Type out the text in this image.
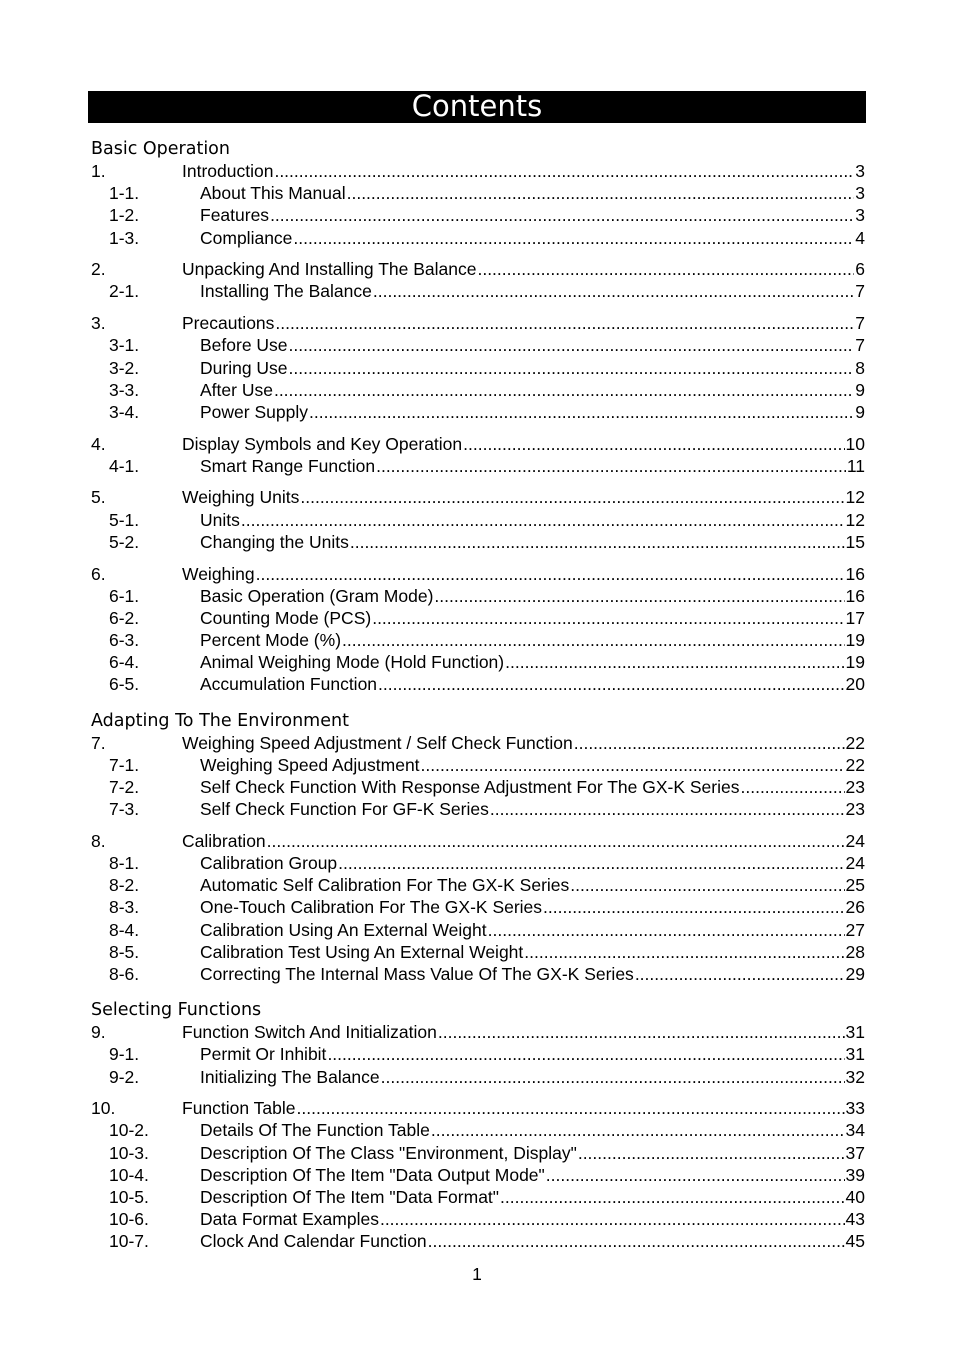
Contents
Basic Operation
1.	Introduction .....	3
1-1.	About This Manual .....	3
1-2.	Features .....	3
1-3.	Compliance .....	4
2.	Unpacking And Installing The Balance .....	6
2-1.	Installing The Balance .....	7
3.	Precautions .....	7
3-1.	Before Use .....	7
3-2.	During Use .....	8
3-3.	After Use .....	9
3-4.	Power Supply .....	9
4.	Display Symbols and Key Operation .....	10
4-1.	Smart Range Function .....	11
5.	Weighing Units .....	12
5-1.	Units .....	12
5-2.	Changing the Units .....	15
6.	Weighing .....	16
6-1.	Basic Operation (Gram Mode) .....	16
6-2.	Counting Mode (PCS) .....	17
6-3.	Percent Mode (%) .....	19
6-4.	Animal Weighing Mode (Hold Function) .....	19
6-5.	Accumulation Function .....	20
Adapting To The Environment
7.	Weighing Speed Adjustment / Self Check Function .....	22
7-1.	Weighing Speed Adjustment .....	22
7-2.	Self Check Function With Response Adjustment For The GX-K Series .....	23
7-3.	Self Check Function For GF-K Series .....	23
8.	Calibration .....	24
8-1.	Calibration Group .....	24
8-2.	Automatic Self Calibration For The GX-K Series .....	25
8-3.	One-Touch Calibration For The GX-K Series .....	26
8-4.	Calibration Using An External Weight .....	27
8-5.	Calibration Test Using An External Weight .....	28
8-6.	Correcting The Internal Mass Value Of The GX-K Series .....	29
Selecting Functions
9.	Function Switch And Initialization .....	31
9-1.	Permit Or Inhibit .....	31
9-2.	Initializing The Balance .....	32
10.	Function Table .....	33
10-2.	Details Of The Function Table .....	34
10-3.	Description Of The Class "Environment, Display" .....	37
10-4.	Description Of The Item "Data Output Mode" .....	39
10-5.	Description Of The Item "Data Format" .....	40
10-6.	Data Format Examples .....	43
10-7.	Clock And Calendar Function .....	45
1
